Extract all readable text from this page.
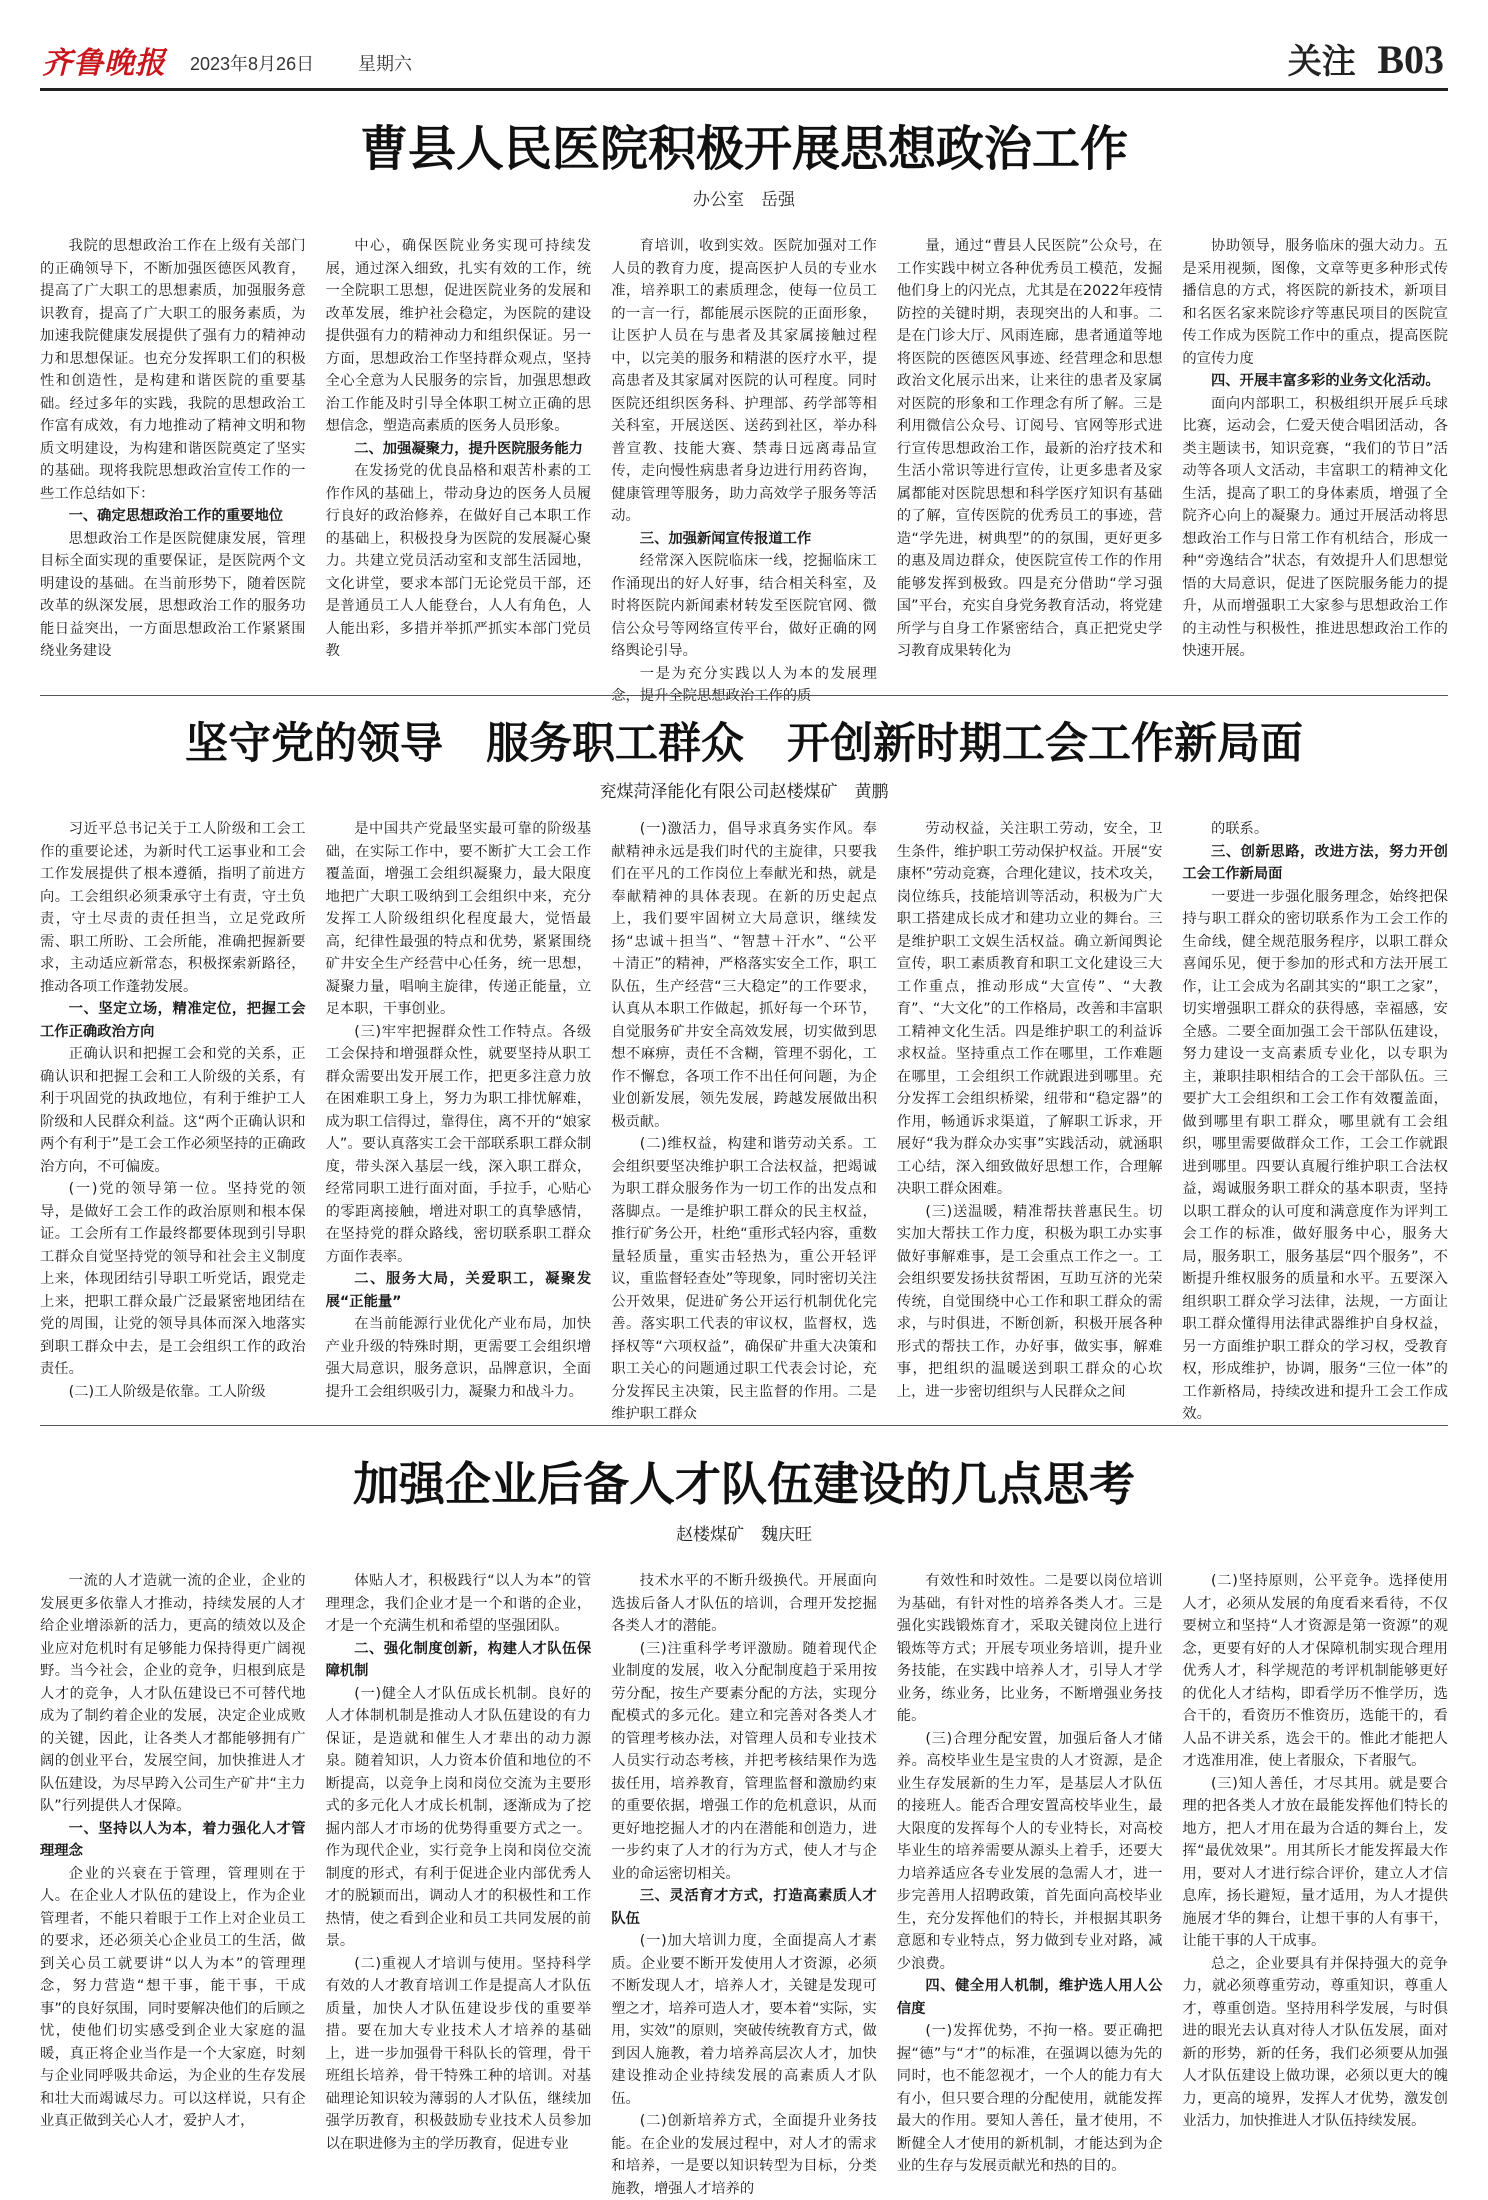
齐鲁晚报 2023年8月26日 星期六	关注 B03
曹县人民医院积极开展思想政治工作
办公室　岳强

我院的思想政治工作在上级有关部门的正确领导下，不断加强医德医风教育，提高了广大职工的思想素质，加强服务意识教育，提高了广大职工的服务素质，为加速我院健康发展提供了强有力的精神动力和思想保证。也充分发挥职工们的积极性和创造性，是构建和谐医院的重要基础。经过多年的实践，我院的思想政治工作富有成效，有力地推动了精神文明和物质文明建设，为构建和谐医院奠定了坚实的基础。现将我院思想政治宣传工作的一些工作总结如下：

一、确定思想政治工作的重要地位

思想政治工作是医院健康发展，管理目标全面实现的重要保证，是医院两个文明建设的基础。在当前形势下，随着医院改革的纵深发展，思想政治工作的服务功能日益突出，一方面思想政治工作紧紧围绕业务建设

中心，确保医院业务实现可持续发展，通过深入细致，扎实有效的工作，统一全院职工思想，促进医院业务的发展和改革发展，维护社会稳定，为医院的建设提供强有力的精神动力和组织保证。另一方面，思想政治工作坚持群众观点，坚持全心全意为人民服务的宗旨，加强思想政治工作能及时引导全体职工树立正确的思想信念，塑造高素质的医务人员形象。

二、加强凝聚力，提升医院服务能力

在发扬党的优良品格和艰苦朴素的工作作风的基础上，带动身边的医务人员履行良好的政治修养，在做好自己本职工作的基础上，积极投身为医院的发展凝心聚力。共建立党员活动室和支部生活园地，文化讲堂，要求本部门无论党员干部，还是普通员工人人能登台，人人有角色，人人能出彩，多措并举抓严抓实本部门党员教

育培训，收到实效。医院加强对工作人员的教育力度，提高医护人员的专业水准，培养职工的素质理念，使每一位员工的一言一行，都能展示医院的正面形象，让医护人员在与患者及其家属接触过程中，以完美的服务和精湛的医疗水平，提高患者及其家属对医院的认可程度。同时医院还组织医务科、护理部、药学部等相关科室，开展送医、送药到社区，举办科普宣教、技能大赛、禁毒日远离毒品宣传，走向慢性病患者身边进行用药咨询，健康管理等服务，助力高效学子服务等活动。

三、加强新闻宣传报道工作

经常深入医院临床一线，挖掘临床工作涌现出的好人好事，结合相关科室，及时将医院内新闻素材转发至医院官网、微信公众号等网络宣传平台，做好正确的网络舆论引导。

一是为充分实践以人为本的发展理念，提升全院思想政治工作的质

量，通过“曹县人民医院”公众号，在工作实践中树立各种优秀员工模范，发掘他们身上的闪光点，尤其是在2022年疫情防控的关键时期，表现突出的人和事。二是在门诊大厅、风雨连廊，患者通道等地将医院的医德医风事迹、经营理念和思想政治文化展示出来，让来往的患者及家属对医院的形象和工作理念有所了解。三是利用微信公众号、订阅号、官网等形式进行宣传思想政治工作，最新的治疗技术和生活小常识等进行宣传，让更多患者及家属都能对医院思想和科学医疗知识有基础的了解，宣传医院的优秀员工的事迹，营造“学先进，树典型”的的氛围，更好更多的惠及周边群众，使医院宣传工作的作用能够发挥到极致。四是充分借助“学习强国”平台，充实自身党务教育活动，将党建所学与自身工作紧密结合，真正把党史学习教育成果转化为

协助领导，服务临床的强大动力。五是采用视频，图像，文章等更多种形式传播信息的方式，将医院的新技术，新项目和名医名家来院诊疗等惠民项目的医院宣传工作成为医院工作中的重点，提高医院的宣传力度

四、开展丰富多彩的业务文化活动。

面向内部职工，积极组织开展乒乓球比赛，运动会，仁爱天使合唱团活动，各类主题读书，知识竞赛，“我们的节日”活动等各项人文活动，丰富职工的精神文化生活，提高了职工的身体素质，增强了全院齐心向上的凝聚力。通过开展活动将思想政治工作与日常工作有机结合，形成一种“旁逸结合”状态，有效提升人们思想觉悟的大局意识，促进了医院服务能力的提升，从而增强职工大家参与思想政治工作的主动性与积极性，推进思想政治工作的快速开展。

坚守党的领导　服务职工群众　开创新时期工会工作新局面
兖煤菏泽能化有限公司赵楼煤矿　黄鹏

习近平总书记关于工人阶级和工会工作的重要论述，为新时代工运事业和工会工作发展提供了根本遵循，指明了前进方向。工会组织必须秉承守土有责，守土负责，守土尽责的责任担当，立足党政所需、职工所盼、工会所能，准确把握新要求，主动适应新常态，积极探索新路径，推动各项工作蓬勃发展。

一、坚定立场，精准定位，把握工会工作正确政治方向

正确认识和把握工会和党的关系，正确认识和把握工会和工人阶级的关系，有利于巩固党的执政地位，有利于维护工人阶级和人民群众利益。这“两个正确认识和两个有利于”是工会工作必须坚持的正确政治方向，不可偏废。

(一)党的领导第一位。坚持党的领导，是做好工会工作的政治原则和根本保证。工会所有工作最终都要体现到引导职工群众自觉坚持党的领导和社会主义制度上来，体现团结引导职工听党话，跟党走上来，把职工群众最广泛最紧密地团结在党的周围，让党的领导具体而深入地落实到职工群众中去，是工会组织工作的政治责任。

(二)工人阶级是依靠。工人阶级

是中国共产党最坚实最可靠的阶级基础，在实际工作中，要不断扩大工会工作覆盖面，增强工会组织凝聚力，最大限度地把广大职工吸纳到工会组织中来，充分发挥工人阶级组织化程度最大，觉悟最高，纪律性最强的特点和优势，紧紧围绕矿井安全生产经营中心任务，统一思想，凝聚力量，唱响主旋律，传递正能量，立足本职，干事创业。

(三)牢牢把握群众性工作特点。各级工会保持和增强群众性，就要坚持从职工群众需要出发开展工作，把更多注意力放在困难职工身上，努力为职工排忧解难，成为职工信得过，靠得住，离不开的“娘家人”。要认真落实工会干部联系职工群众制度，带头深入基层一线，深入职工群众，经常同职工进行面对面，手拉手，心贴心的零距离接触，增进对职工的真挚感情，在坚持党的群众路线，密切联系职工群众方面作表率。

二、服务大局，关爱职工，凝聚发展“正能量”

在当前能源行业优化产业布局，加快产业升级的特殊时期，更需要工会组织增强大局意识，服务意识，品牌意识，全面提升工会组织吸引力，凝聚力和战斗力。

(一)激活力，倡导求真务实作风。奉献精神永远是我们时代的主旋律，只要我们在平凡的工作岗位上奉献光和热，就是奉献精神的具体表现。在新的历史起点上，我们要牢固树立大局意识，继续发扬“忠诚＋担当”、“智慧＋汗水”、“公平＋清正”的精神，严格落实安全工作，职工队伍，生产经营“三大稳定”的工作要求，认真从本职工作做起，抓好每一个环节，自觉服务矿井安全高效发展，切实做到思想不麻痹，责任不含糊，管理不弱化，工作不懈怠，各项工作不出任何问题，为企业创新发展，领先发展，跨越发展做出积极贡献。

(二)维权益，构建和谐劳动关系。工会组织要坚决维护职工合法权益，把竭诚为职工群众服务作为一切工作的出发点和落脚点。一是维护职工群众的民主权益，推行矿务公开，杜绝“重形式轻内容，重数量轻质量，重实击轻热为，重公开轻评议，重监督轻查处”等现象，同时密切关注公开效果，促进矿务公开运行机制优化完善。落实职工代表的审议权，监督权，选择权等“六项权益”，确保矿井重大决策和职工关心的问题通过职工代表会讨论，充分发挥民主决策，民主监督的作用。二是维护职工群众

劳动权益，关注职工劳动，安全，卫生条件，维护职工劳动保护权益。开展“安康杯”劳动竞赛，合理化建议，技术攻关，岗位练兵，技能培训等活动，积极为广大职工搭建成长成才和建功立业的舞台。三是维护职工文娱生活权益。确立新闻舆论宣传，职工素质教育和职工文化建设三大工作重点，推动形成“大宣传”、“大教育”、“大文化”的工作格局，改善和丰富职工精神文化生活。四是维护职工的利益诉求权益。坚持重点工作在哪里，工作难题在哪里，工会组织工作就跟进到哪里。充分发挥工会组织桥梁，纽带和“稳定器”的作用，畅通诉求渠道，了解职工诉求，开展好“我为群众办实事”实践活动，就涵职工心结，深入细致做好思想工作，合理解决职工群众困难。

(三)送温暖，精准帮扶普惠民生。切实加大帮扶工作力度，积极为职工办实事做好事解难事，是工会重点工作之一。工会组织要发扬扶贫帮困，互助互济的光荣传统，自觉围绕中心工作和职工群众的需求，与时俱进，不断创新，积极开展各种形式的帮扶工作，办好事，做实事，解难事，把组织的温暖送到职工群众的心坎上，进一步密切组织与人民群众之间

的联系。

三、创新思路，改进方法，努力开创工会工作新局面

一要进一步强化服务理念，始终把保持与职工群众的密切联系作为工会工作的生命线，健全规范服务程序，以职工群众喜闻乐见，便于参加的形式和方法开展工作，让工会成为名副其实的“职工之家”，切实增强职工群众的获得感，幸福感，安全感。二要全面加强工会干部队伍建设，努力建设一支高素质专业化，以专职为主，兼职挂职相结合的工会干部队伍。三要扩大工会组织和工会工作有效覆盖面，做到哪里有职工群众，哪里就有工会组织，哪里需要做群众工作，工会工作就跟进到哪里。四要认真履行维护职工合法权益，竭诚服务职工群众的基本职责，坚持以职工群众的认可度和满意度作为评判工会工作的标准，做好服务中心，服务大局，服务职工，服务基层“四个服务”，不断提升维权服务的质量和水平。五要深入组织职工群众学习法律，法规，一方面让职工群众懂得用法律武器维护自身权益，另一方面维护职工群众的学习权，受教育权，形成维护，协调，服务“三位一体”的工作新格局，持续改进和提升工会工作成效。

加强企业后备人才队伍建设的几点思考
赵楼煤矿　魏庆旺

一流的人才造就一流的企业，企业的发展更多依靠人才推动，持续发展的人才给企业增添新的活力，更高的绩效以及企业应对危机时有足够能力保持得更广阔视野。当今社会，企业的竞争，归根到底是人才的竞争，人才队伍建设已不可替代地成为了制约着企业的发展，决定企业成败的关键，因此，让各类人才都能够拥有广阔的创业平台，发展空间，加快推进人才队伍建设，为尽早跨入公司生产矿井“主力队”行列提供人才保障。

一、坚持以人为本，着力强化人才管理理念

企业的兴衰在于管理，管理则在于人。在企业人才队伍的建设上，作为企业管理者，不能只着眼于工作上对企业员工的要求，还必须关心企业员工的生活，做到关心员工就要讲“以人为本”的管理理念，努力营造“想干事，能干事，干成事”的良好氛围，同时要解决他们的后顾之忧，使他们切实感受到企业大家庭的温暖，真正将企业当作是一个大家庭，时刻与企业同呼吸共命运，为企业的生存发展和壮大而竭诚尽力。可以这样说，只有企业真正做到关心人才，爱护人才，

体贴人才，积极践行“以人为本”的管理理念，我们企业才是一个和谐的企业，才是一个充满生机和希望的坚强团队。

二、强化制度创新，构建人才队伍保障机制

(一)健全人才队伍成长机制。良好的人才体制机制是推动人才队伍建设的有力保证，是造就和催生人才辈出的动力源泉。随着知识，人力资本价值和地位的不断提高，以竞争上岗和岗位交流为主要形式的多元化人才成长机制，逐渐成为了挖掘内部人才市场的优势得重要方式之一。作为现代企业，实行竞争上岗和岗位交流制度的形式，有利于促进企业内部优秀人才的脱颖而出，调动人才的积极性和工作热情，使之看到企业和员工共同发展的前景。

(二)重视人才培训与使用。坚持科学有效的人才教育培训工作是提高人才队伍质量，加快人才队伍建设步伐的重要举措。要在加大专业技术人才培养的基础上，进一步加强骨干科队长的管理，骨干班组长培养，骨干特殊工种的培训。对基础理论知识较为薄弱的人才队伍，继续加强学历教育，积极鼓励专业技术人员参加以在职进修为主的学历教育，促进专业

技术水平的不断升级换代。开展面向选拔后备人才队伍的培训，合理开发挖掘各类人才的潜能。

(三)注重科学考评激励。随着现代企业制度的发展，收入分配制度趋于采用按劳分配，按生产要素分配的方法，实现分配模式的多元化。建立和完善对各类人才的管理考核办法，对管理人员和专业技术人员实行动态考核，并把考核结果作为选拔任用，培养教育，管理监督和激励约束的重要依据，增强工作的危机意识，从而更好地挖掘人才的内在潜能和创造力，进一步约束了人才的行为方式，使人才与企业的命运密切相关。

三、灵活育才方式，打造高素质人才队伍

(一)加大培训力度，全面提高人才素质。企业要不断开发使用人才资源，必须不断发现人才，培养人才，关键是发现可塑之才，培养可造人才，要本着“实际，实用，实效”的原则，突破传统教育方式，做到因人施教，着力培养高层次人才，加快建设推动企业持续发展的高素质人才队伍。

(二)创新培养方式，全面提升业务技能。在企业的发展过程中，对人才的需求和培养，一是要以知识转型为目标，分类施教，增强人才培养的

有效性和时效性。二是要以岗位培训为基础，有针对性的培养各类人才。三是强化实践锻炼育才，采取关键岗位上进行锻炼等方式；开展专项业务培训，提升业务技能，在实践中培养人才，引导人才学业务，练业务，比业务，不断增强业务技能。

(三)合理分配安置，加强后备人才储养。高校毕业生是宝贵的人才资源，是企业生存发展新的生力军，是基层人才队伍的接班人。能否合理安置高校毕业生，最大限度的发挥每个人的专业特长，对高校毕业生的培养需要从源头上着手，还要大力培养适应各专业发展的急需人才，进一步完善用人招聘政策，首先面向高校毕业生，充分发挥他们的特长，并根据其职务意愿和专业特点，努力做到专业对路，减少浪费。

四、健全用人机制，维护选人用人公信度

(一)发挥优势，不拘一格。要正确把握“德”与“才”的标准，在强调以德为先的同时，也不能忽视才，一个人的能力有大有小，但只要合理的分配使用，就能发挥最大的作用。要知人善任，量才使用，不断健全人才使用的新机制，才能达到为企业的生存与发展贡献光和热的目的。

(二)坚持原则，公平竞争。选择使用人才，必须从发展的角度看来看待，不仅要树立和坚持“人才资源是第一资源”的观念，更要有好的人才保障机制实现合理用优秀人才，科学规范的考评机制能够更好的优化人才结构，即看学历不惟学历，选合干的，看资历不惟资历，选能干的，看人品不讲关系，选会干的。惟此才能把人才选准用准，使上者服众，下者服气。

(三)知人善任，才尽其用。就是要合理的把各类人才放在最能发挥他们特长的地方，把人才用在最为合适的舞台上，发挥“最优效果”。用其所长才能发挥最大作用，要对人才进行综合评价，建立人才信息库，扬长避短，量才适用，为人才提供施展才华的舞台，让想干事的人有事干，让能干事的人干成事。

总之，企业要具有并保持强大的竞争力，就必须尊重劳动，尊重知识，尊重人才，尊重创造。坚持用科学发展，与时俱进的眼光去认真对待人才队伍发展，面对新的形势，新的任务，我们必须要从加强人才队伍建设上做功课，必须以更大的魄力，更高的境界，发挥人才优势，激发创业活力，加快推进人才队伍持续发展。
